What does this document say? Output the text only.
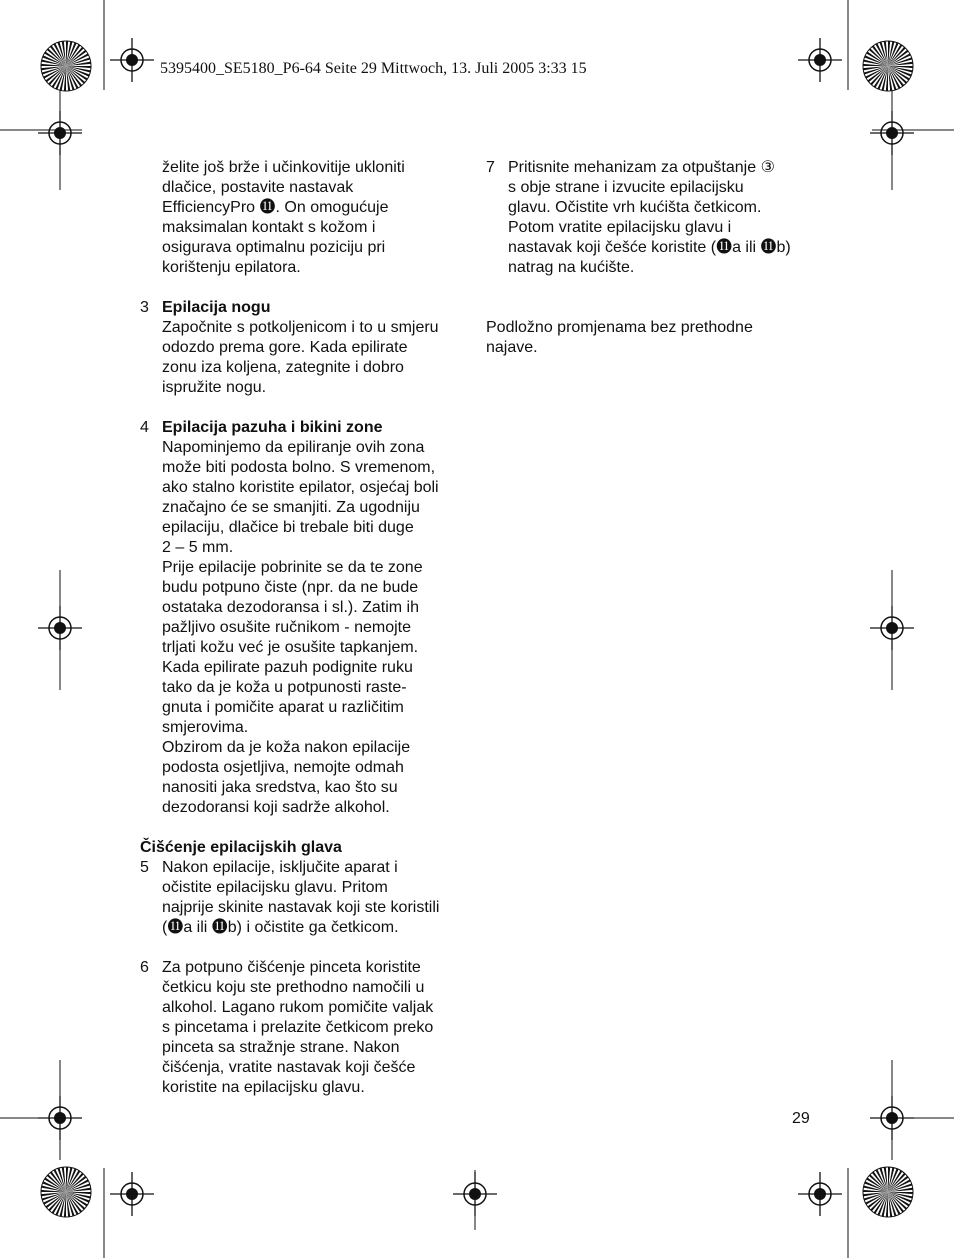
5395400_SE5180_P6-64 Seite 29 Mittwoch, 13. Juli 2005 3:33 15
želite još brže i učinkovitije ukloniti
dlačice, postavite nastavak
EfficiencyPro ⓫. On omogućuje
maksimalan kontakt s kožom i
osigurava optimalnu poziciju pri
korištenju epilatora.
3 Epilacija nogu
Započnite s potkoljenicom i to u smjeru
odozdo prema gore. Kada epilirate
zonu iza koljena, zategnite i dobro
ispružite nogu.
4 Epilacija pazuha i bikini zone
Napominjemo da epiliranje ovih zona
može biti podosta bolno. S vremenom,
ako stalno koristite epilator, osjećaj boli
značajno će se smanjiti. Za ugodniju
epilaciju, dlačice bi trebale biti duge
2 – 5 mm.
Prije epilacije pobrinite se da te zone
budu potpuno čiste (npr. da ne bude
ostataka dezodoransa i sl.). Zatim ih
pažljivo osušite ručnikom - nemojte
trljati kožu već je osušite tapkanjem.
Kada epilirate pazuh podignite ruku
tako da je koža u potpunosti raste-
gnuta i pomičite aparat u različitim
smjerovima.
Obzirom da je koža nakon epilacije
podosta osjetljiva, nemojte odmah
nanositi jaka sredstva, kao što su
dezodoransi koji sadrže alkohol.
Čišćenje epilacijskih glava
5 Nakon epilacije, isključite aparat i
očistite epilacijsku glavu. Pritom
najprije skinite nastavak koji ste koristili
(⓫a ili ⓫b) i očistite ga četkicom.
6 Za potpuno čišćenje pinceta koristite
četkicu koju ste prethodno namočili u
alkohol. Lagano rukom pomičite valjak
s pincetama i prelazite četkicom preko
pinceta sa stražnje strane. Nakon
čišćenja, vratite nastavak koji češće
koristite na epilacijsku glavu.
7 Pritisnite mehanizam za otpuštanje ③
s obje strane i izvucite epilacijsku
glavu. Očistite vrh kućišta četkicom.
Potom vratite epilacijsku glavu i
nastavak koji češće koristite (⓫a ili ⓫b)
natrag na kućište.
Podložno promjenama bez prethodne
najave.
29
